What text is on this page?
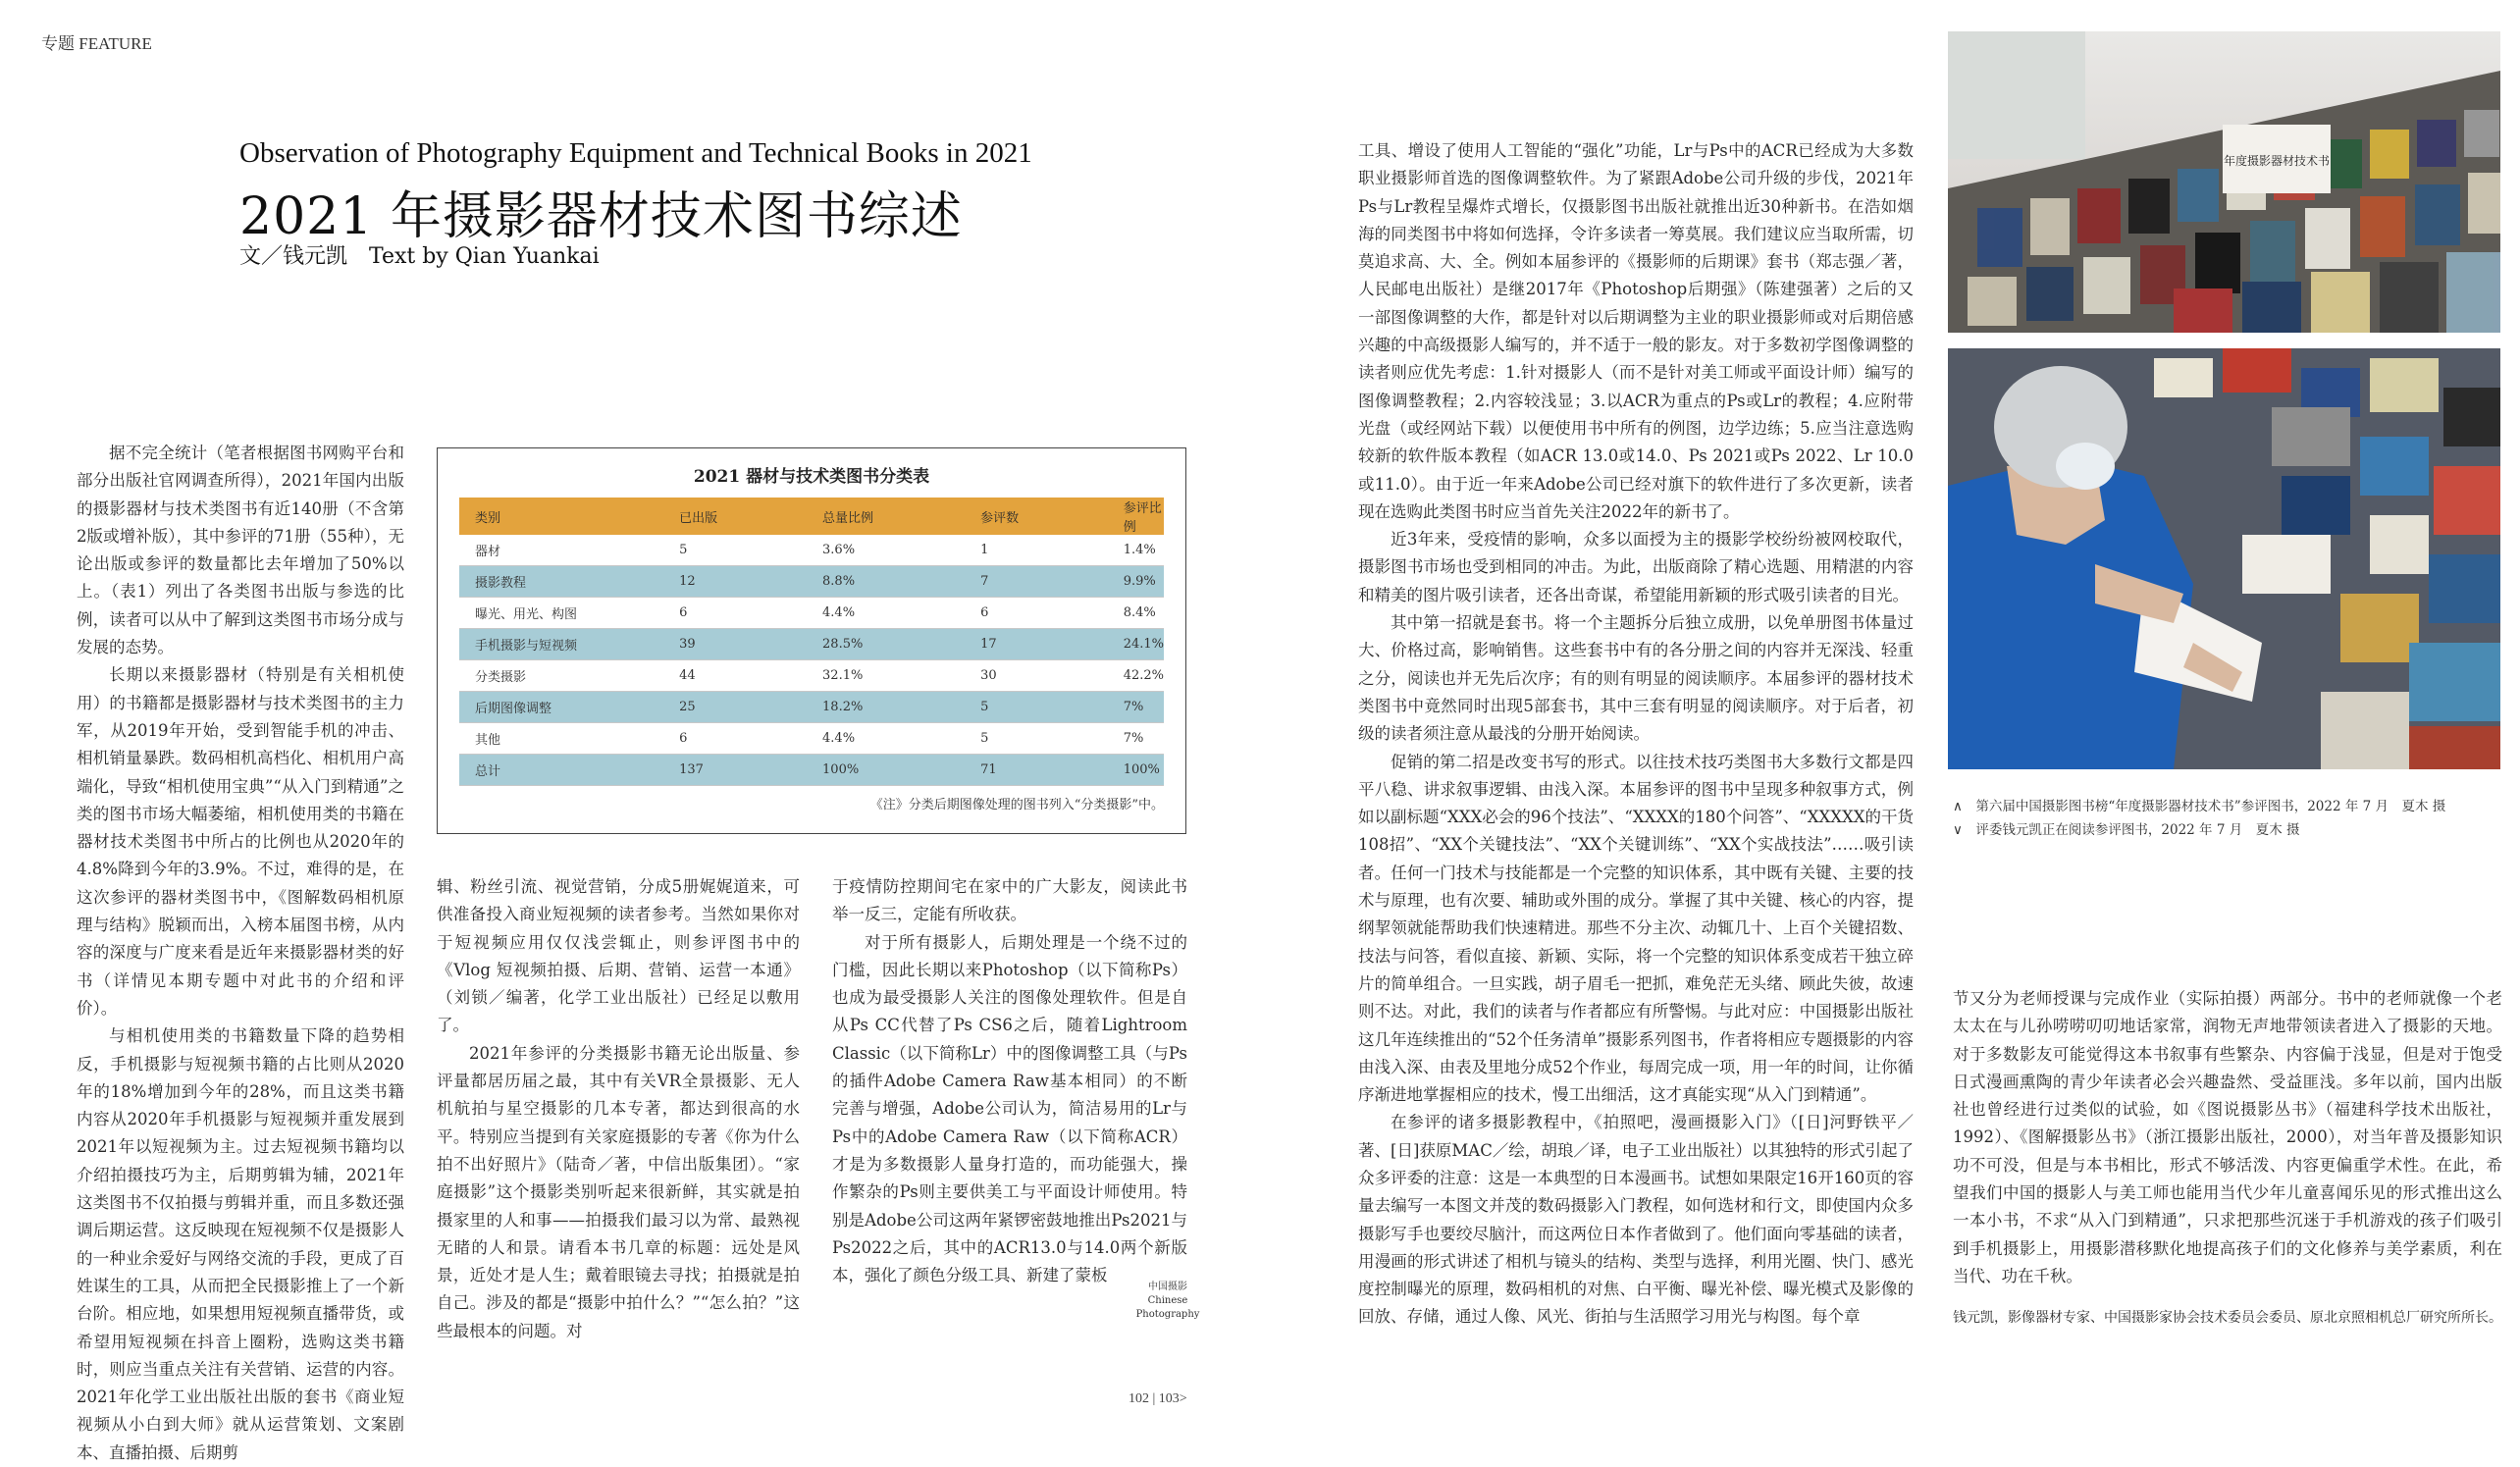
专题 FEATURE
Observation of Photography Equipment and Technical Books in 2021
2021 年摄影器材技术图书综述
文／钱元凯　Text by Qian Yuankai

据不完全统计（笔者根据图书网购平台和部分出版社官网调查所得），2021年国内出版的摄影器材与技术类图书有近140册（不含第2版或增补版），其中参评的71册（55种），无论出版或参评的数量都比去年增加了50%以上。（表1）列出了各类图书出版与参选的比例，读者可以从中了解到这类图书市场分成与发展的态势。

长期以来摄影器材（特别是有关相机使用）的书籍都是摄影器材与技术类图书的主力军，从2019年开始，受到智能手机的冲击、相机销量暴跌。数码相机高档化、相机用户高端化，导致“相机使用宝典”“从入门到精通”之类的图书市场大幅萎缩，相机使用类的书籍在器材技术类图书中所占的比例也从2020年的4.8%降到今年的3.9%。不过，难得的是，在这次参评的器材类图书中，《图解数码相机原理与结构》脱颖而出，入榜本届图书榜，从内容的深度与广度来看是近年来摄影器材类的好书（详情见本期专题中对此书的介绍和评价）。

与相机使用类的书籍数量下降的趋势相反，手机摄影与短视频书籍的占比则从2020年的18%增加到今年的28%，而且这类书籍内容从2020年手机摄影与短视频并重发展到2021年以短视频为主。过去短视频书籍均以介绍拍摄技巧为主，后期剪辑为辅，2021年这类图书不仅拍摄与剪辑并重，而且多数还强调后期运营。这反映现在短视频不仅是摄影人的一种业余爱好与网络交流的手段，更成了百姓谋生的工具，从而把全民摄影推上了一个新台阶。相应地，如果想用短视频直播带货，或希望用短视频在抖音上圈粉，选购这类书籍时，则应当重点关注有关营销、运营的内容。2021年化学工业出版社出版的套书《商业短视频从小白到大师》就从运营策划、文案剧本、直播拍摄、后期剪

2021 器材与技术类图书分类表
类别	已出版	总量比例	参评数	参评比例
器材	5	3.6%	1	1.4%
摄影教程	12	8.8%	7	9.9%
曝光、用光、构图	6	4.4%	6	8.4%
手机摄影与短视频	39	28.5%	17	24.1%
分类摄影	44	32.1%	30	42.2%
后期图像调整	25	18.2%	5	7%
其他	6	4.4%	5	7%
总计	137	100%	71	100%
《注》分类后期图像处理的图书列入“分类摄影”中。

辑、粉丝引流、视觉营销，分成5册娓娓道来，可供准备投入商业短视频的读者参考。当然如果你对于短视频应用仅仅浅尝辄止，则参评图书中的《Vlog 短视频拍摄、后期、营销、运营一本通》（刘锁／编著，化学工业出版社）已经足以敷用了。

2021年参评的分类摄影书籍无论出版量、参评量都居历届之最，其中有关VR全景摄影、无人机航拍与星空摄影的几本专著，都达到很高的水平。特别应当提到有关家庭摄影的专著《你为什么拍不出好照片》（陆奇／著，中信出版集团）。“家庭摄影”这个摄影类别听起来很新鲜，其实就是拍摄家里的人和事——拍摄我们最习以为常、最熟视无睹的人和景。请看本书几章的标题：远处是风景，近处才是人生；戴着眼镜去寻找；拍摄就是拍自己。涉及的都是“摄影中拍什么？”“怎么拍？”这些最根本的问题。对

于疫情防控期间宅在家中的广大影友，阅读此书举一反三，定能有所收获。

对于所有摄影人，后期处理是一个绕不过的门槛，因此长期以来Photoshop（以下简称Ps）也成为最受摄影人关注的图像处理软件。但是自从Ps CC代替了Ps CS6之后，随着Lightroom Classic（以下简称Lr）中的图像调整工具（与Ps的插件Adobe Camera Raw基本相同）的不断完善与增强，Adobe公司认为，简洁易用的Lr与Ps中的Adobe Camera Raw（以下简称ACR）才是为多数摄影人量身打造的，而功能强大，操作繁杂的Ps则主要供美工与平面设计师使用。特别是Adobe公司这两年紧锣密鼓地推出Ps2021与Ps2022之后，其中的ACR13.0与14.0两个新版本，强化了颜色分级工具、新建了蒙板

中国摄影
Chinese
Photography

工具、增设了使用人工智能的“强化”功能，Lr与Ps中的ACR已经成为大多数职业摄影师首选的图像调整软件。为了紧跟Adobe公司升级的步伐，2021年Ps与Lr教程呈爆炸式增长，仅摄影图书出版社就推出近30种新书。在浩如烟海的同类图书中将如何选择，令许多读者一筹莫展。我们建议应当取所需，切莫追求高、大、全。例如本届参评的《摄影师的后期课》套书（郑志强／著，人民邮电出版社）是继2017年《Photoshop后期强》（陈建强著）之后的又一部图像调整的大作，都是针对以后期调整为主业的职业摄影师或对后期倍感兴趣的中高级摄影人编写的，并不适于一般的影友。对于多数初学图像调整的读者则应优先考虑：1.针对摄影人（而不是针对美工师或平面设计师）编写的图像调整教程；2.内容较浅显；3.以ACR为重点的Ps或Lr的教程；4.应附带光盘（或经网站下载）以便使用书中所有的例图，边学边练；5.应当注意选购较新的软件版本教程（如ACR 13.0或14.0、Ps 2021或Ps 2022、Lr 10.0或11.0）。由于近一年来Adobe公司已经对旗下的软件进行了多次更新，读者现在选购此类图书时应当首先关注2022年的新书了。

近3年来，受疫情的影响，众多以面授为主的摄影学校纷纷被网校取代，摄影图书市场也受到相同的冲击。为此，出版商除了精心选题、用精湛的内容和精美的图片吸引读者，还各出奇谋，希望能用新颖的形式吸引读者的目光。

其中第一招就是套书。将一个主题拆分后独立成册，以免单册图书体量过大、价格过高，影响销售。这些套书中有的各分册之间的内容并无深浅、轻重之分，阅读也并无先后次序；有的则有明显的阅读顺序。本届参评的器材技术类图书中竟然同时出现5部套书，其中三套有明显的阅读顺序。对于后者，初级的读者须注意从最浅的分册开始阅读。

促销的第二招是改变书写的形式。以往技术技巧类图书大多数行文都是四平八稳、讲求叙事逻辑、由浅入深。本届参评的图书中呈现多种叙事方式，例如以副标题“XXX必会的96个技法”、“XXXX的180个问答”、“XXXXX的干货108招”、“XX个关键技法”、“XX个关键训练”、“XX个实战技法”……吸引读者。任何一门技术与技能都是一个完整的知识体系，其中既有关键、主要的技术与原理，也有次要、辅助或外围的成分。掌握了其中关键、核心的内容，提纲挈领就能帮助我们快速精进。那些不分主次、动辄几十、上百个关键招数、技法与问答，看似直接、新颖、实际，将一个完整的知识体系变成若干独立碎片的简单组合。一旦实践，胡子眉毛一把抓，难免茫无头绪、顾此失彼，故速则不达。对此，我们的读者与作者都应有所警惕。与此对应：中国摄影出版社这几年连续推出的“52个任务清单”摄影系列图书，作者将相应专题摄影的内容由浅入深、由表及里地分成52个作业，每周完成一项，用一年的时间，让你循序渐进地掌握相应的技术，慢工出细活，这才真能实现“从入门到精通”。

在参评的诸多摄影教程中，《拍照吧，漫画摄影入门》（[日]河野铁平／著、[日]获原MAC／绘，胡琅／译，电子工业出版社）以其独特的形式引起了众多评委的注意：这是一本典型的日本漫画书。试想如果限定16开160页的容量去编写一本图文并茂的数码摄影入门教程，如何选材和行文，即使国内众多摄影写手也要绞尽脑汁，而这两位日本作者做到了。他们面向零基础的读者，用漫画的形式讲述了相机与镜头的结构、类型与选择，利用光圈、快门、感光度控制曝光的原理，数码相机的对焦、白平衡、曝光补偿、曝光模式及影像的回放、存储，通过人像、风光、街拍与生活照学习用光与构图。每个章

年度摄影器材技术书
∧　 第六届中国摄影图书榜“年度摄影器材技术书”参评图书，2022 年 7 月　夏木 摄
∨　 评委钱元凯正在阅读参评图书，2022 年 7 月　夏木 摄

节又分为老师授课与完成作业（实际拍摄）两部分。书中的老师就像一个老太太在与儿孙唠唠叨叨地话家常，润物无声地带领读者进入了摄影的天地。对于多数影友可能觉得这本书叙事有些繁杂、内容偏于浅显，但是对于饱受日式漫画熏陶的青少年读者必会兴趣盎然、受益匪浅。多年以前，国内出版社也曾经进行过类似的试验，如《图说摄影丛书》（福建科学技术出版社，1992）、《图解摄影丛书》（浙江摄影出版社，2000），对当年普及摄影知识功不可没，但是与本书相比，形式不够活泼、内容更偏重学术性。在此，希望我们中国的摄影人与美工师也能用当代少年儿童喜闻乐见的形式推出这么一本小书，不求“从入门到精通”，只求把那些沉迷于手机游戏的孩子们吸引到手机摄影上，用摄影潜移默化地提高孩子们的文化修养与美学素质，利在当代、功在千秋。

钱元凯，影像器材专家、中国摄影家协会技术委员会委员、原北京照相机总厂研究所所长。

102 | 103>
